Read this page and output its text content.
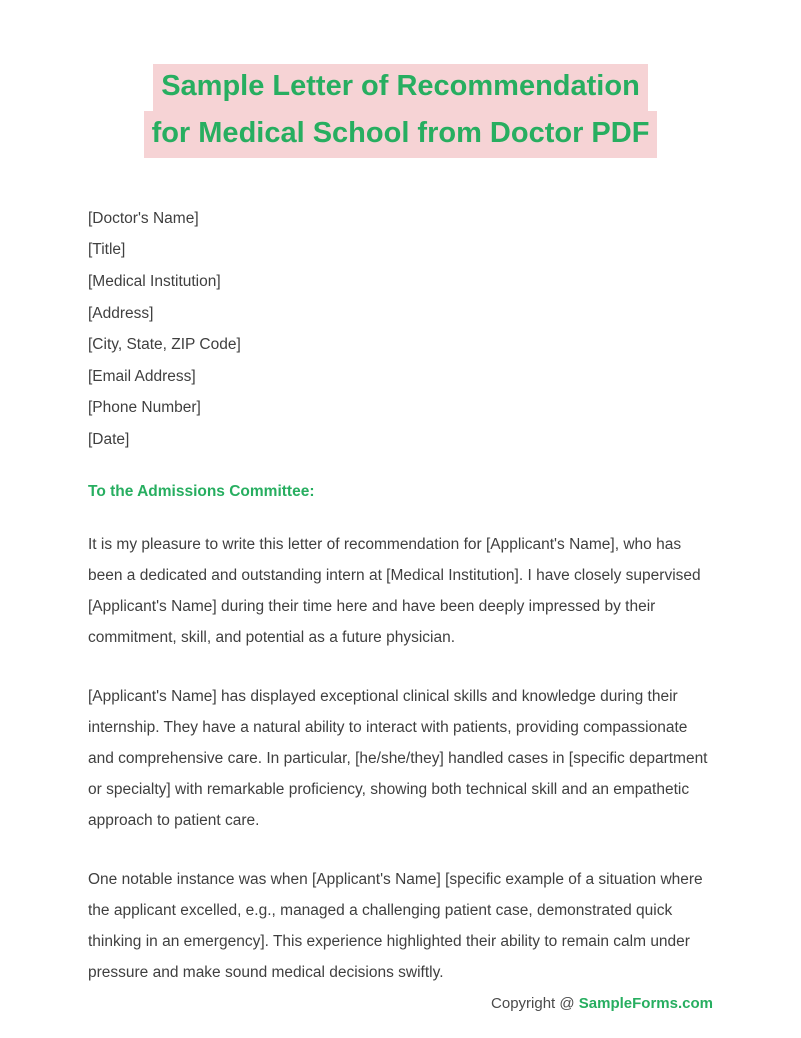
Sample Letter of Recommendation
for Medical School from Doctor PDF

[Doctor's Name]

[Title]

[Medical Institution]

[Address]

[City, State, ZIP Code]

[Email Address]

[Phone Number]

[Date]

To the Admissions Committee:

It is my pleasure to write this letter of recommendation for [Applicant's Name], who has been a dedicated and outstanding intern at [Medical Institution]. I have closely supervised [Applicant's Name] during their time here and have been deeply impressed by their commitment, skill, and potential as a future physician.

[Applicant's Name] has displayed exceptional clinical skills and knowledge during their internship. They have a natural ability to interact with patients, providing compassionate and comprehensive care. In particular, [he/she/they] handled cases in [specific department or specialty] with remarkable proficiency, showing both technical skill and an empathetic approach to patient care.

One notable instance was when [Applicant's Name] [specific example of a situation where the applicant excelled, e.g., managed a challenging patient case, demonstrated quick thinking in an emergency]. This experience highlighted their ability to remain calm under pressure and make sound medical decisions swiftly.

Copyright @ SampleForms.com
